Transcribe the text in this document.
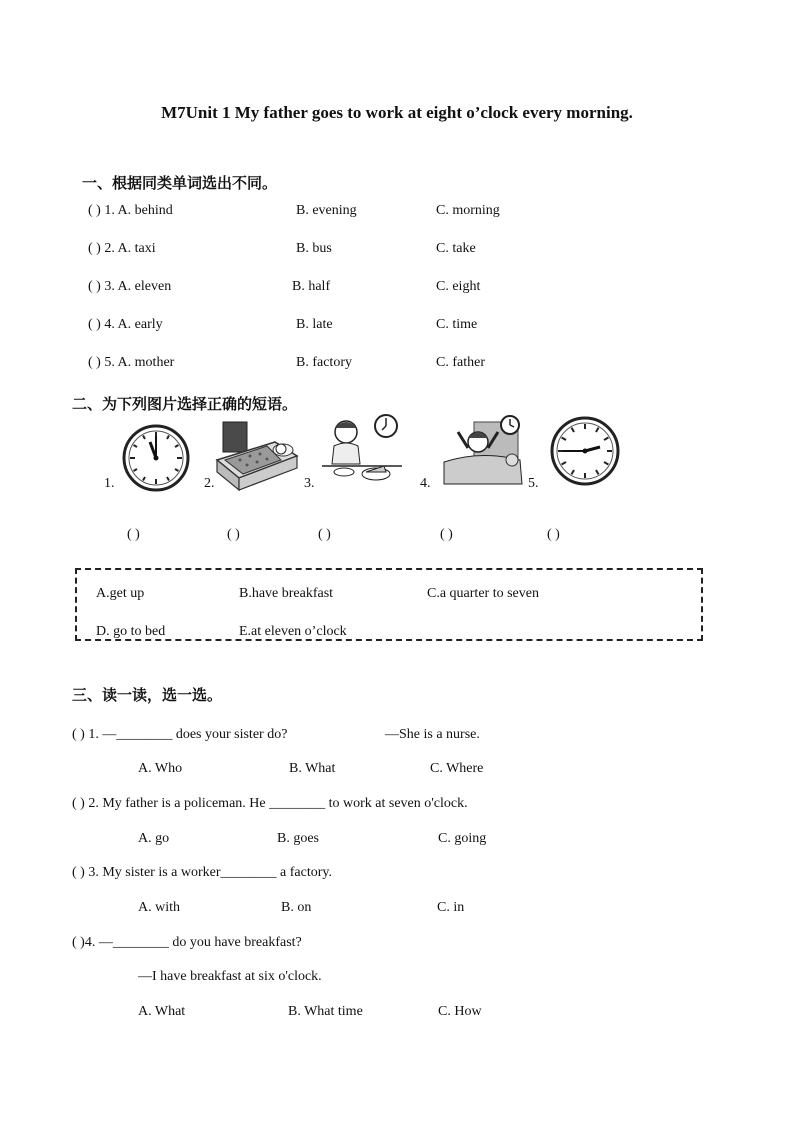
M7Unit 1 My father goes to work at eight o’clock every morning.
一、根据同类单词选出不同。
( ) 1. A. behind	B. evening	C. morning
( ) 2. A. taxi	B. bus	C. take
( ) 3. A. eleven	B. half	C. eight
( ) 4. A. early	B. late	C. time
( ) 5. A. mother	B. factory	C. father
二、为下列图片选择正确的短语。
1.	2.	3.	4.	5.
( )	( )	( )	( )	( )
A.get up	B.have breakfast	C.a quarter to seven
D. go to bed	E.at eleven o’clock
三、读一读，选一选。
( ) 1. —________ does your sister do?	—She is a nurse.
A. Who	B. What	C. Where
( ) 2. My father is a policeman. He ________ to work at seven o'clock.
A. go	B. goes	C. going
( ) 3. My sister is a worker________ a factory.
A. with	B. on	C. in
( )4. —________ do you have breakfast?
—I have breakfast at six o'clock.
A. What	B. What time	C. How
